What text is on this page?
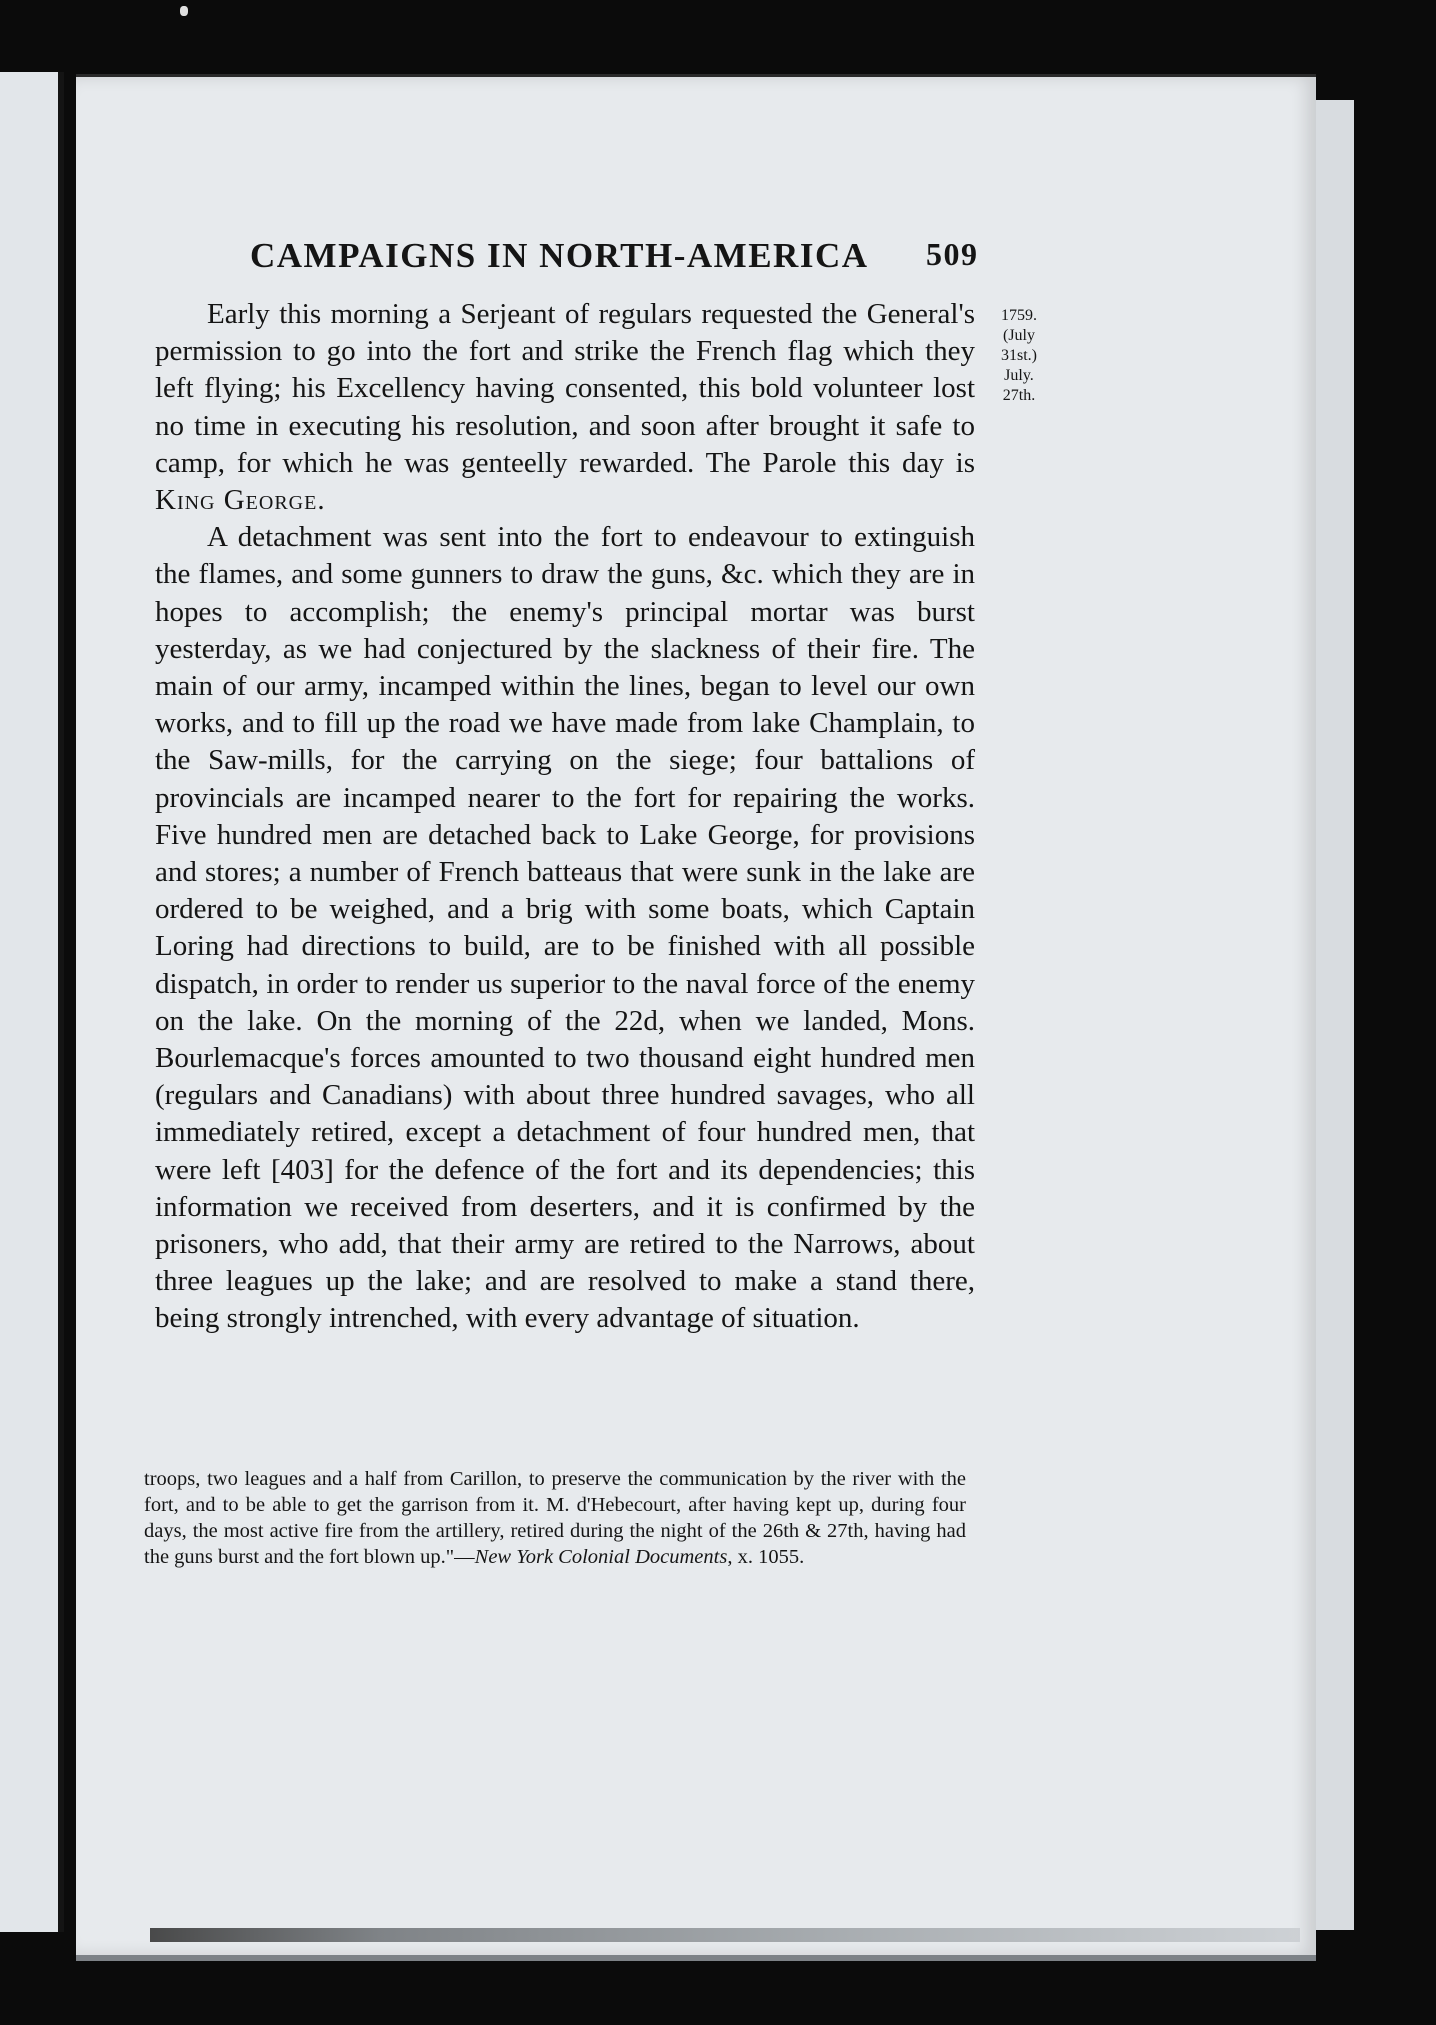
CAMPAIGNS IN NORTH-AMERICA 509
1759.
(July 31st.)
July.
27th.

Early this morning a Serjeant of regulars requested the General's permission to go into the fort and strike the French flag which they left flying; his Excellency having consented, this bold volunteer lost no time in executing his resolution, and soon after brought it safe to camp, for which he was genteelly rewarded. The Parole this day is King George.

A detachment was sent into the fort to endeavour to extinguish the flames, and some gunners to draw the guns, &c. which they are in hopes to accomplish; the enemy's principal mortar was burst yesterday, as we had conjectured by the slackness of their fire. The main of our army, incamped within the lines, began to level our own works, and to fill up the road we have made from lake Champlain, to the Saw-mills, for the carrying on the siege; four battalions of provincials are incamped nearer to the fort for repairing the works. Five hundred men are detached back to Lake George, for provisions and stores; a number of French batteaus that were sunk in the lake are ordered to be weighed, and a brig with some boats, which Captain Loring had directions to build, are to be finished with all possible dispatch, in order to render us superior to the naval force of the enemy on the lake. On the morning of the 22d, when we landed, Mons. Bourlemacque's forces amounted to two thousand eight hundred men (regulars and Canadians) with about three hundred savages, who all immediately retired, except a detachment of four hundred men, that were left [403] for the defence of the fort and its dependencies; this information we received from deserters, and it is confirmed by the prisoners, who add, that their army are retired to the Narrows, about three leagues up the lake; and are resolved to make a stand there, being strongly intrenched, with every advantage of situation.

troops, two leagues and a half from Carillon, to preserve the communication by the river with the fort, and to be able to get the garrison from it. M. d'Hebecourt, after having kept up, during four days, the most active fire from the artillery, retired during the night of the 26th & 27th, having had the guns burst and the fort blown up."—New York Colonial Documents, x. 1055.
